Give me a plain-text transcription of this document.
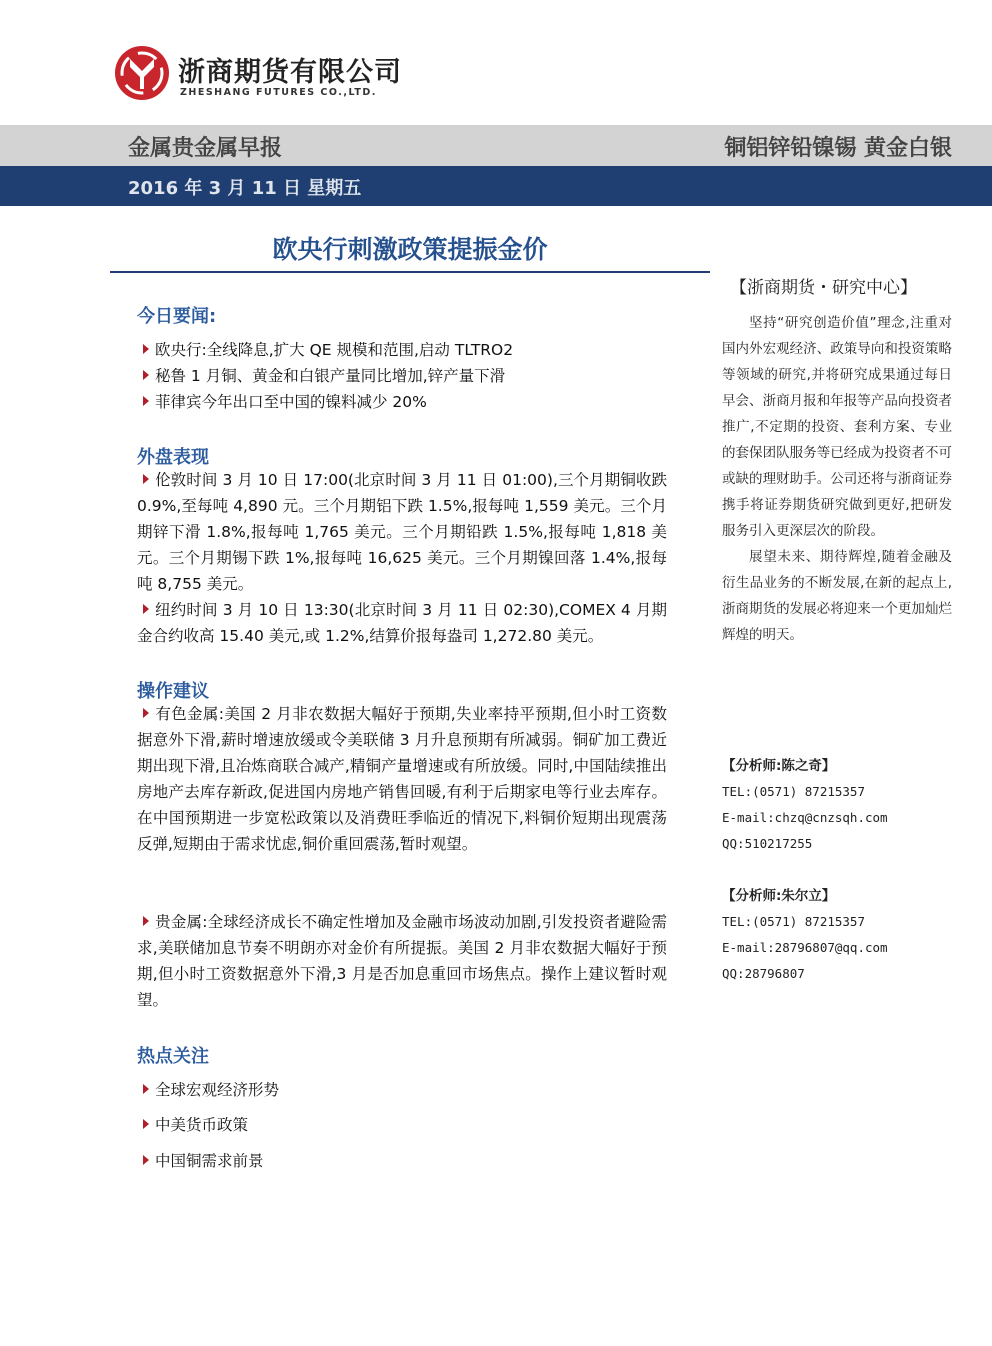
浙商期货有限公司
ZHESHANG FUTURES CO.,LTD.
金属贵金属早报	铜铝锌铅镍锡 黄金白银
2016 年 3 月 11 日 星期五
欧央行刺激政策提振金价
今日要闻:
欧央行:全线降息,扩大 QE 规模和范围,启动 TLTRO2
秘鲁 1 月铜、黄金和白银产量同比增加,锌产量下滑
菲律宾今年出口至中国的镍料减少 20%
外盘表现
伦敦时间 3 月 10 日 17:00(北京时间 3 月 11 日 01:00),三个月期铜收跌 0.9%,至每吨 4,890 元。三个月期铝下跌 1.5%,报每吨 1,559 美元。三个月期锌下滑 1.8%,报每吨 1,765 美元。三个月期铅跌 1.5%,报每吨 1,818 美元。三个月期锡下跌 1%,报每吨 16,625 美元。三个月期镍回落 1.4%,报每吨 8,755 美元。
纽约时间 3 月 10 日 13:30(北京时间 3 月 11 日 02:30),COMEX 4 月期金合约收高 15.40 美元,或 1.2%,结算价报每盎司 1,272.80 美元。
操作建议
有色金属:美国 2 月非农数据大幅好于预期,失业率持平预期,但小时工资数据意外下滑,薪时增速放缓或令美联储 3 月升息预期有所减弱。铜矿加工费近期出现下滑,且冶炼商联合减产,精铜产量增速或有所放缓。同时,中国陆续推出房地产去库存新政,促进国内房地产销售回暖,有利于后期家电等行业去库存。在中国预期进一步宽松政策以及消费旺季临近的情况下,料铜价短期出现震荡反弹,短期由于需求忧虑,铜价重回震荡,暂时观望。
贵金属:全球经济成长不确定性增加及金融市场波动加剧,引发投资者避险需求,美联储加息节奏不明朗亦对金价有所提振。美国 2 月非农数据大幅好于预期,但小时工资数据意外下滑,3 月是否加息重回市场焦点。操作上建议暂时观望。
热点关注
全球宏观经济形势
中美货币政策
中国铜需求前景
【浙商期货・研究中心】

坚持“研究创造价值”理念,注重对国内外宏观经济、政策导向和投资策略等领域的研究,并将研究成果通过每日早会、浙商月报和年报等产品向投资者推广,不定期的投资、套利方案、专业的套保团队服务等已经成为投资者不可或缺的理财助手。公司还将与浙商证券携手将证券期货研究做到更好,把研发服务引入更深层次的阶段。

展望未来、期待辉煌,随着金融及衍生品业务的不断发展,在新的起点上,浙商期货的发展必将迎来一个更加灿烂辉煌的明天。

【分析师:陈之奇】
TEL:(0571) 87215357
E-mail:chzq@cnzsqh.com
QQ:510217255
【分析师:朱尔立】
TEL:(0571) 87215357
E-mail:28796807@qq.com
QQ:28796807
